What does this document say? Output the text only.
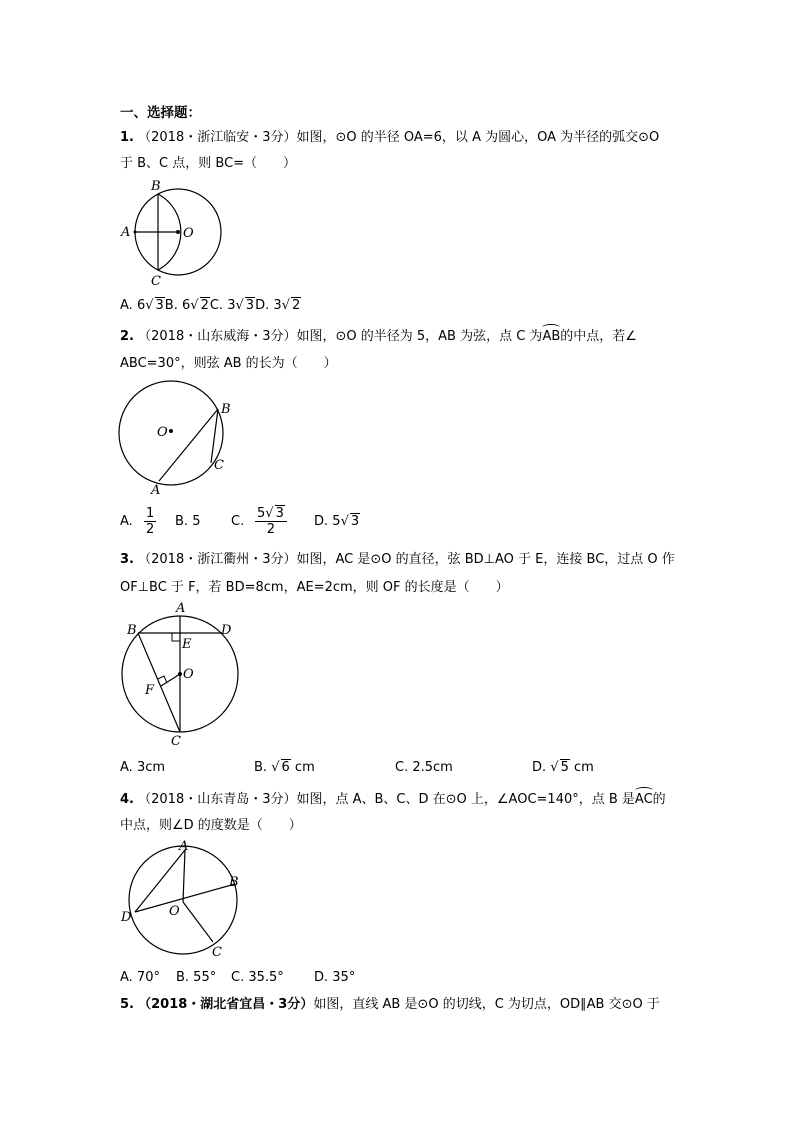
一、选择题：
1. （2018・浙江临安・3分）如图，⊙O 的半径 OA=6，以 A 为圆心，OA 为半径的弧交⊙O
于 B、C 点，则 BC=（　　）
B
A	O
C
A. 6√ 3B. 6√ 2C. 3√ 3D. 3√ 2
2. （2018・山东威海・3分）如图，⊙O 的半径为 5，AB 为弦，点 C 为AB的中点，若∠
ABC=30°，则弦 AB 的长为（　　）
B
O
C
A
A. $\frac{1}{2} B$. 5 C. $\frac{5√ 3}{2} D$. 5√ 3
3. （2018・浙江衢州・3分）如图，AC 是⊙O 的直径，弦 BD⊥AO 于 E，连接 BC，过点 O 作
OF⊥BC 于 F，若 BD=8cm，AE=2cm，则 OF 的长度是（　　）
A
B	D
E
O
F
C
A. 3cm	B. √ 6 cm	C. 2.5cm	D. √ 5 cm
4. （2018・山东青岛・3分）如图，点 A、B、C、D 在⊙O 上，∠AOC=140°，点 B 是AC的
中点，则∠D 的度数是（　　）
A
B
D	O
C
A. 70° B. 55° C. 35.5° D. 35°
5. （2018・湖北省宜昌・3分）如图，直线 AB 是⊙O 的切线，C 为切点，OD∥AB 交⊙O 于
